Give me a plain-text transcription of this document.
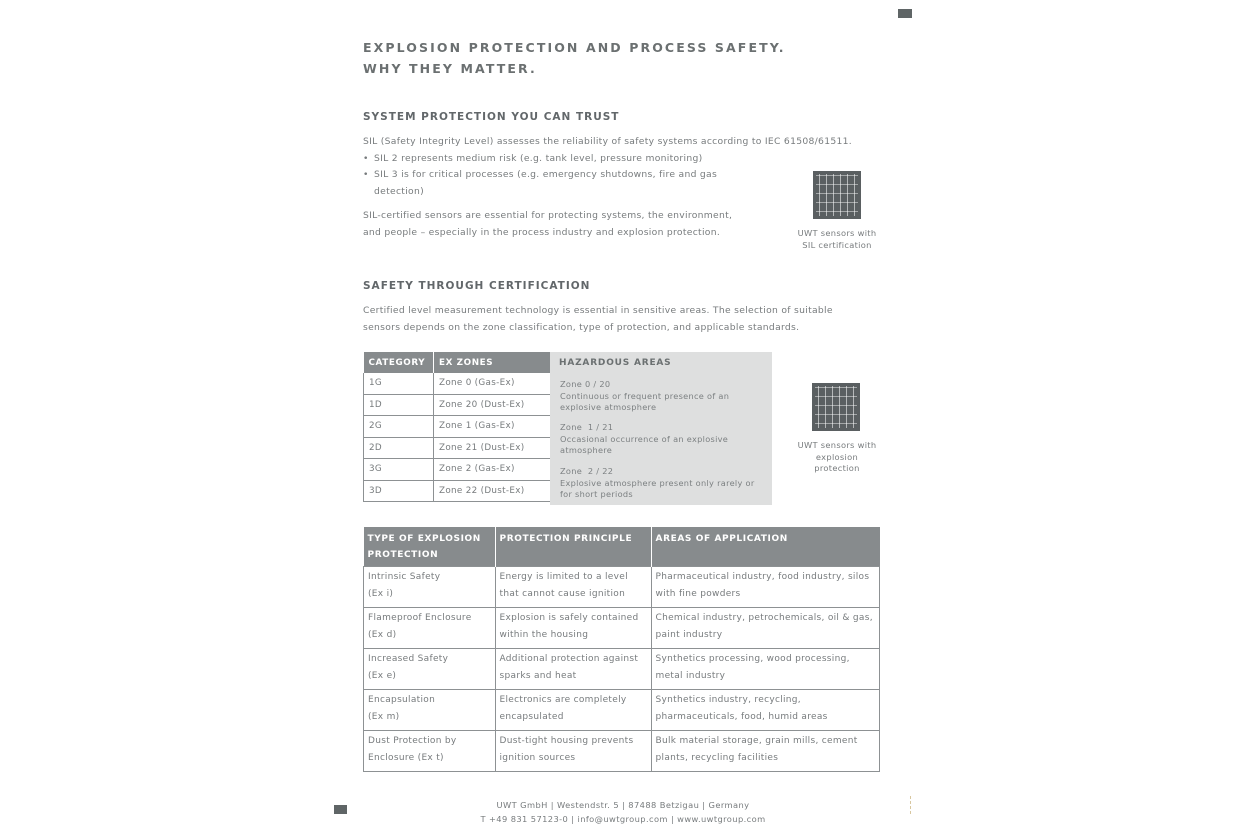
EXPLOSION PROTECTION AND PROCESS SAFETY.
WHY THEY MATTER.
SYSTEM PROTECTION YOU CAN TRUST
SIL (Safety Integrity Level) assesses the reliability of safety systems according to IEC 61508/61511.
• SIL 2 represents medium risk (e.g. tank level, pressure monitoring)
• SIL 3 is for critical processes (e.g. emergency shutdowns, fire and gas detection)
SIL-certified sensors are essential for protecting systems, the environment,
and people – especially in the process industry and explosion protection.	UWT sensors with SIL certification
SAFETY THROUGH CERTIFICATION
Certified level measurement technology is essential in sensitive areas. The selection of suitable
sensors depends on the zone classification, type of protection, and applicable standards.
CATEGORY	EX ZONES
1G	Zone 0 (Gas-Ex)
1D	Zone 20 (Dust-Ex)
2G	Zone 1 (Gas-Ex)
2D	Zone 21 (Dust-Ex)
3G	Zone 2 (Gas-Ex)
3D	Zone 22 (Dust-Ex)
HAZARDOUS AREAS
Zone 0 / 20
Continuous or frequent presence of an explosive atmosphere
Zone  1 / 21
Occasional occurrence of an explosive atmosphere
Zone  2 / 22
Explosive atmosphere present only rarely or for short periods
UWT sensors with explosion protection
TYPE OF EXPLOSION PROTECTION	PROTECTION PRINCIPLE	AREAS OF APPLICATION

Intrinsic Safety
(Ex i)	Energy is limited to a level that cannot cause ignition	Pharmaceutical industry, food industry, silos with fine powders

Flameproof Enclosure
(Ex d)	Explosion is safely contained within the housing	Chemical industry, petrochemicals, oil & gas, paint industry

Increased Safety
(Ex e)	Additional protection against sparks and heat	Synthetics processing, wood processing, metal industry

Encapsulation
(Ex m)	Electronics are completely encapsulated	Synthetics industry, recycling, pharmaceuticals, food, humid areas

Dust Protection by
Enclosure (Ex t)	Dust-tight housing prevents ignition sources	Bulk material storage, grain mills, cement plants, recycling facilities
UWT GmbH | Westendstr. 5 | 87488 Betzigau | Germany
T +49 831 57123-0 | info@uwtgroup.com | www.uwtgroup.com
